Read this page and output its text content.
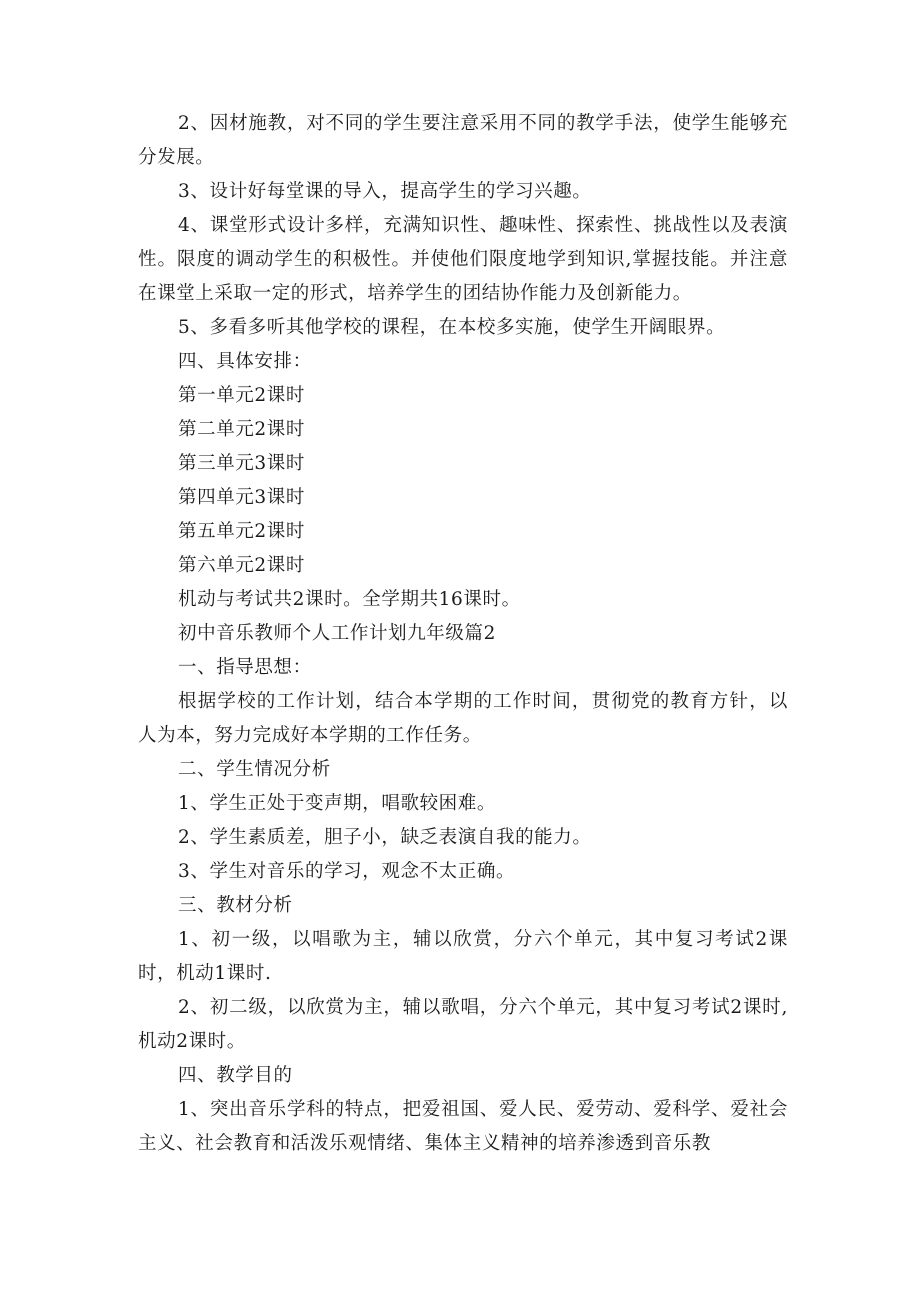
2、因材施教，对不同的学生要注意采用不同的教学手法，使学生能够充分发展。

3、设计好每堂课的导入，提高学生的学习兴趣。

4、课堂形式设计多样，充满知识性、趣味性、探索性、挑战性以及表演性。限度的调动学生的积极性。并使他们限度地学到知识,掌握技能。并注意在课堂上采取一定的形式，培养学生的团结协作能力及创新能力。

5、多看多听其他学校的课程，在本校多实施，使学生开阔眼界。

四、具体安排：

第一单元2课时

第二单元2课时

第三单元3课时

第四单元3课时

第五单元2课时

第六单元2课时

机动与考试共2课时。全学期共16课时。

初中音乐教师个人工作计划九年级篇2

一、指导思想：

根据学校的工作计划，结合本学期的工作时间，贯彻党的教育方针，以人为本，努力完成好本学期的工作任务。

二、学生情况分析

1、学生正处于变声期，唱歌较困难。

2、学生素质差，胆子小，缺乏表演自我的能力。

3、学生对音乐的学习，观念不太正确。

三、教材分析

1、初一级，以唱歌为主，辅以欣赏，分六个单元，其中复习考试2课时，机动1课时.

2、初二级，以欣赏为主，辅以歌唱，分六个单元，其中复习考试2课时,机动2课时。

四、教学目的

1、突出音乐学科的特点，把爱祖国、爱人民、爱劳动、爱科学、爱社会主义、社会教育和活泼乐观情绪、集体主义精神的培养渗透到音乐教
